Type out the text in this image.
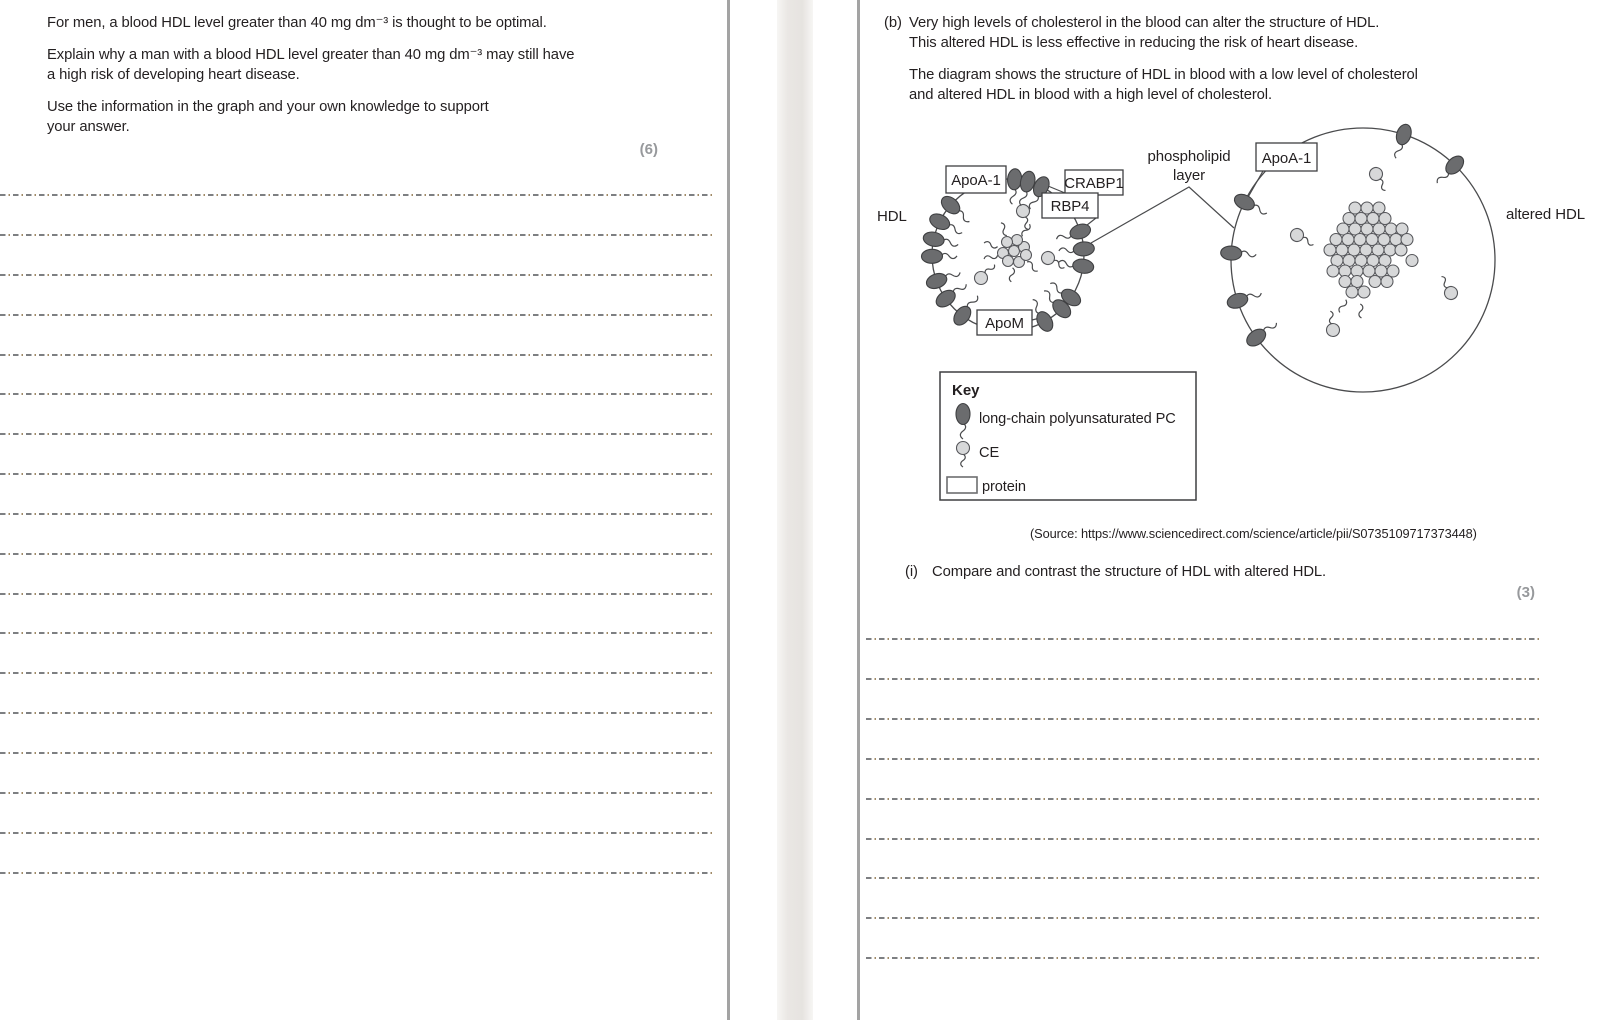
For men, a blood HDL level greater than 40 mg dm⁻³ is thought to be optimal.

Explain why a man with a blood HDL level greater than 40 mg dm⁻³ may still have
a high risk of developing heart disease.

Use the information in the graph and your own knowledge to support
your answer.

(6)
(b) Very high levels of cholesterol in the blood can alter the structure of HDL.
This altered HDL is less effective in reducing the risk of heart disease.

The diagram shows the structure of HDL in blood with a low level of cholesterol
and altered HDL in blood with a high level of cholesterol.

ApoA-1	CRABP1
RBP4
ApoM
ApoA-1
HDL
phospholipid
layer
altered HDL
Key
long-chain polyunsaturated PC
CE
protein
(Source: https://www.sciencedirect.com/science/article/pii/S0735109717373448)
(i) Compare and contrast the structure of HDL with altered HDL.
(3)
